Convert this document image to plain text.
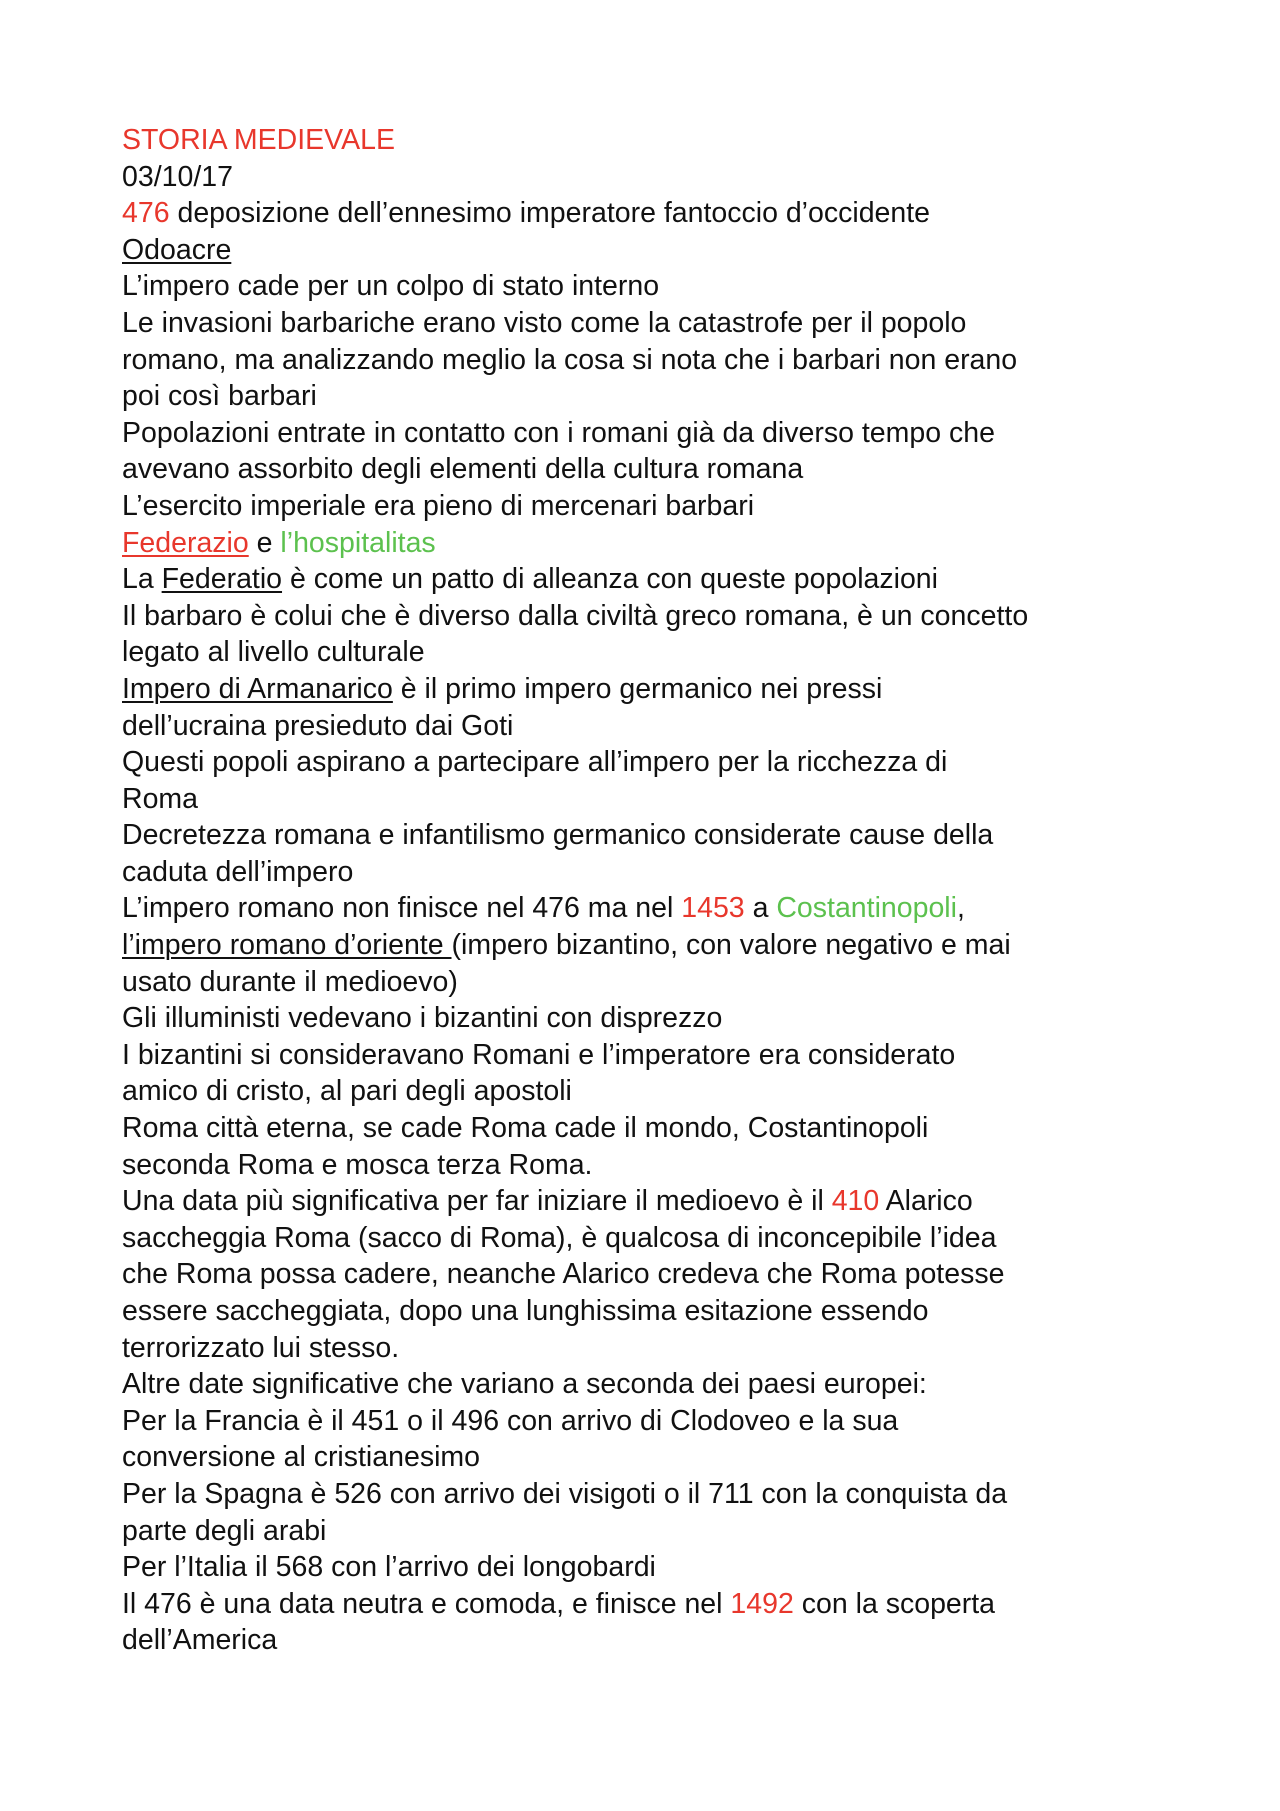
STORIA MEDIEVALE
03/10/17
476 deposizione dell’ennesimo imperatore fantoccio d’occidente
Odoacre
L’impero cade per un colpo di stato interno
Le invasioni barbariche erano visto come la catastrofe per il popolo
romano, ma analizzando meglio la cosa si nota che i barbari non erano
poi così barbari
Popolazioni entrate in contatto con i romani già da diverso tempo che
avevano assorbito degli elementi della cultura romana
L’esercito imperiale era pieno di mercenari barbari
Federazio e l’hospitalitas
La Federatio è come un patto di alleanza con queste popolazioni
Il barbaro è colui che è diverso dalla civiltà greco romana, è un concetto
legato al livello culturale
Impero di Armanarico è il primo impero germanico nei pressi
dell’ucraina presieduto dai Goti
Questi popoli aspirano a partecipare all’impero per la ricchezza di
Roma
Decretezza romana e infantilismo germanico considerate cause della
caduta dell’impero
L’impero romano non finisce nel 476 ma nel 1453 a Costantinopoli,
l’impero romano d’oriente (impero bizantino, con valore negativo e mai
usato durante il medioevo)
Gli illuministi vedevano i bizantini con disprezzo
I bizantini si consideravano Romani e l’imperatore era considerato
amico di cristo, al pari degli apostoli
Roma città eterna, se cade Roma cade il mondo, Costantinopoli
seconda Roma e mosca terza Roma.
Una data più significativa per far iniziare il medioevo è il 410 Alarico
saccheggia Roma (sacco di Roma), è qualcosa di inconcepibile l’idea
che Roma possa cadere, neanche Alarico credeva che Roma potesse
essere saccheggiata, dopo una lunghissima esitazione essendo
terrorizzato lui stesso.
Altre date significative che variano a seconda dei paesi europei:
Per la Francia è il 451 o il 496 con arrivo di Clodoveo e la sua
conversione al cristianesimo
Per la Spagna è 526 con arrivo dei visigoti o il 711 con la conquista da
parte degli arabi
Per l’Italia il 568 con l’arrivo dei longobardi
Il 476 è una data neutra e comoda, e finisce nel 1492 con la scoperta
dell’America
